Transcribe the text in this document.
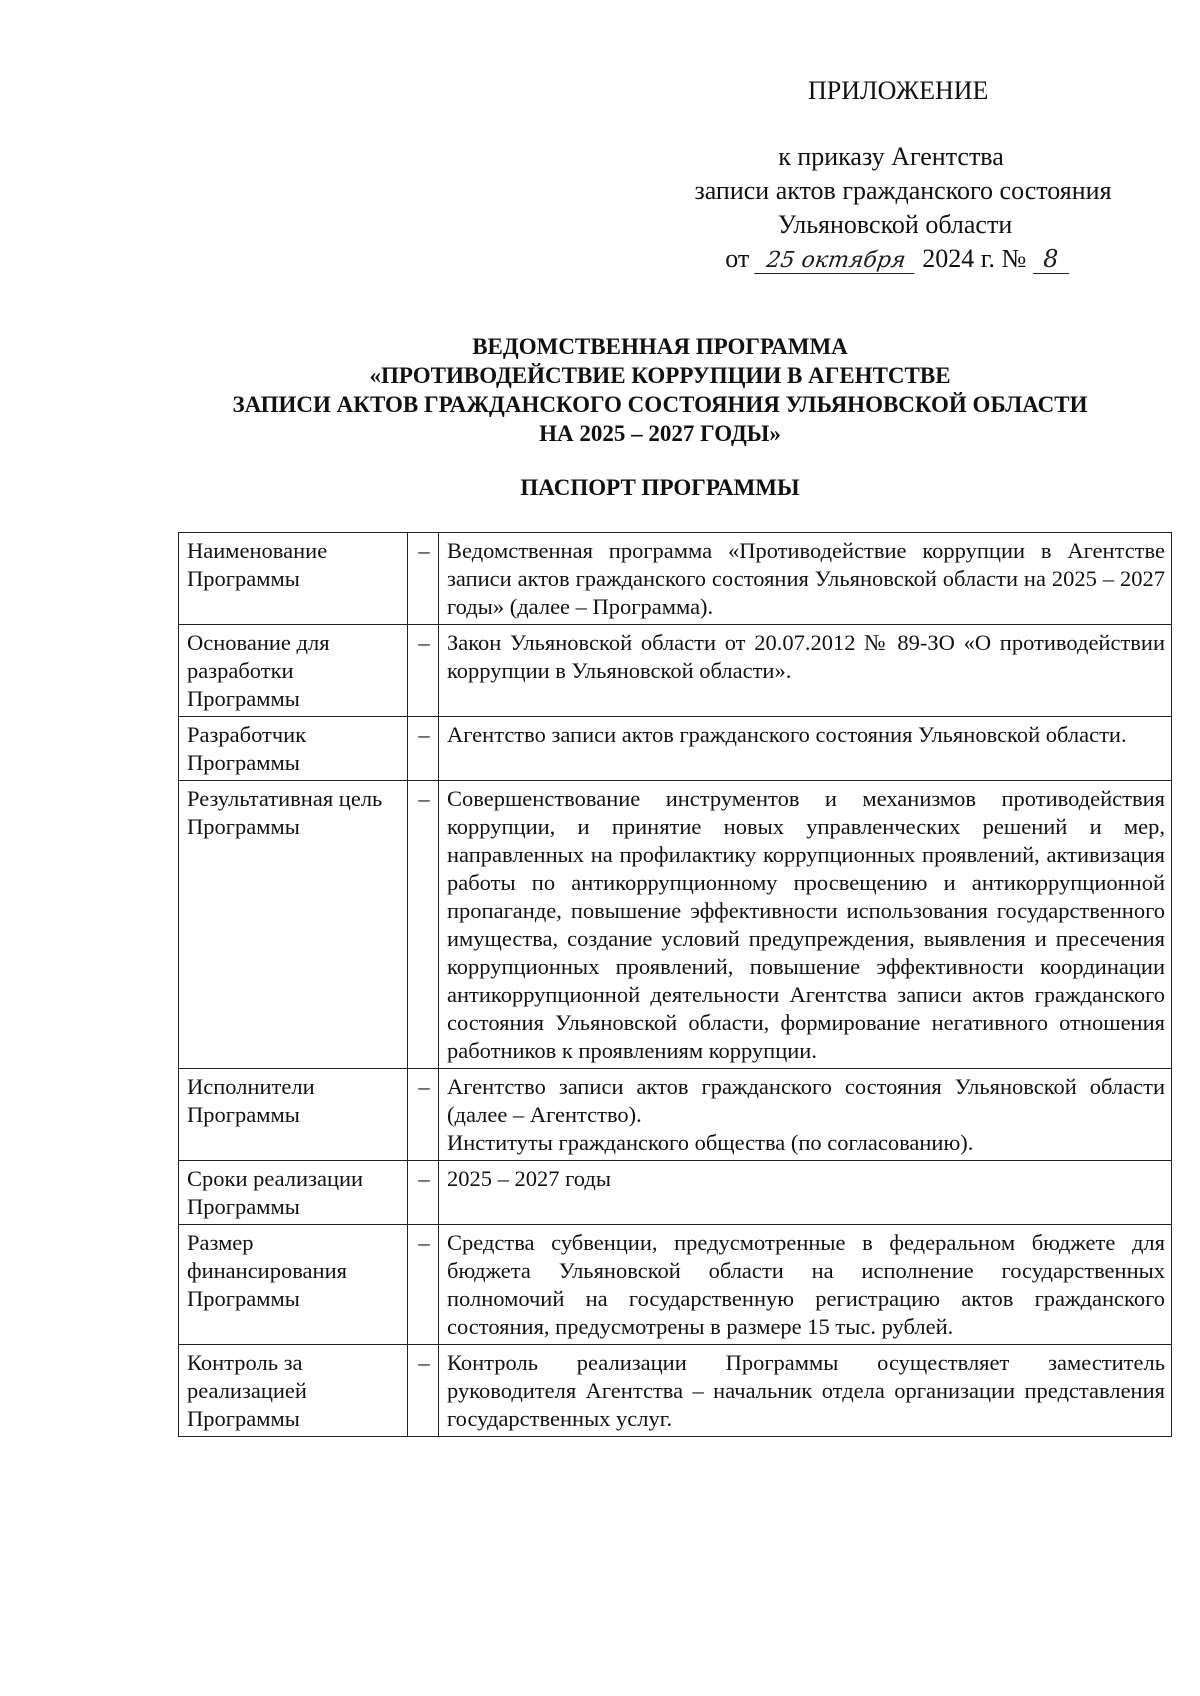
ПРИЛОЖЕНИЕ
к приказу Агентства
записи актов гражданского состояния
Ульяновской области
от 25 октября 2024 г. № 8
ВЕДОМСТВЕННАЯ ПРОГРАММА
«ПРОТИВОДЕЙСТВИЕ КОРРУПЦИИ В АГЕНТСТВЕ
ЗАПИСИ АКТОВ ГРАЖДАНСКОГО СОСТОЯНИЯ УЛЬЯНОВСКОЙ ОБЛАСТИ
НА 2025 – 2027 ГОДЫ»
ПАСПОРТ ПРОГРАММЫ
Наименование Программы	–	Ведомственная программа «Противодействие коррупции в Агентстве записи актов гражданского состояния Ульяновской области на 2025 – 2027 годы» (далее – Программа).
Основание для разработки Программы	–	Закон Ульяновской области от 20.07.2012 № 89-ЗО «О противодействии коррупции в Ульяновской области».
Разработчик Программы	–	Агентство записи актов гражданского состояния Ульяновской области.
Результативная цель Программы	–	Совершенствование инструментов и механизмов противодействия коррупции, и принятие новых управленческих решений и мер, направленных на профилактику коррупционных проявлений, активизация работы по антикоррупционному просвещению и антикоррупционной пропаганде, повышение эффективности использования государственного имущества, создание условий предупреждения, выявления и пресечения коррупционных проявлений, повышение эффективности координации антикоррупционной деятельности Агентства записи актов гражданского состояния Ульяновской области, формирование негативного отношения работников к проявлениям коррупции.
Исполнители Программы	–	Агентство записи актов гражданского состояния Ульяновской области (далее – Агентство).
Институты гражданского общества (по согласованию).

Сроки реализации Программы	–	2025 – 2027 годы
Размер финансирования Программы	–	Средства субвенции, предусмотренные в федеральном бюджете для бюджета Ульяновской области на исполнение государственных полномочий на государственную регистрацию актов гражданского состояния, предусмотрены в размере 15 тыс. рублей.
Контроль за реализацией Программы	–	Контроль реализации Программы осуществляет заместитель руководителя Агентства – начальник отдела организации представления государственных услуг.
